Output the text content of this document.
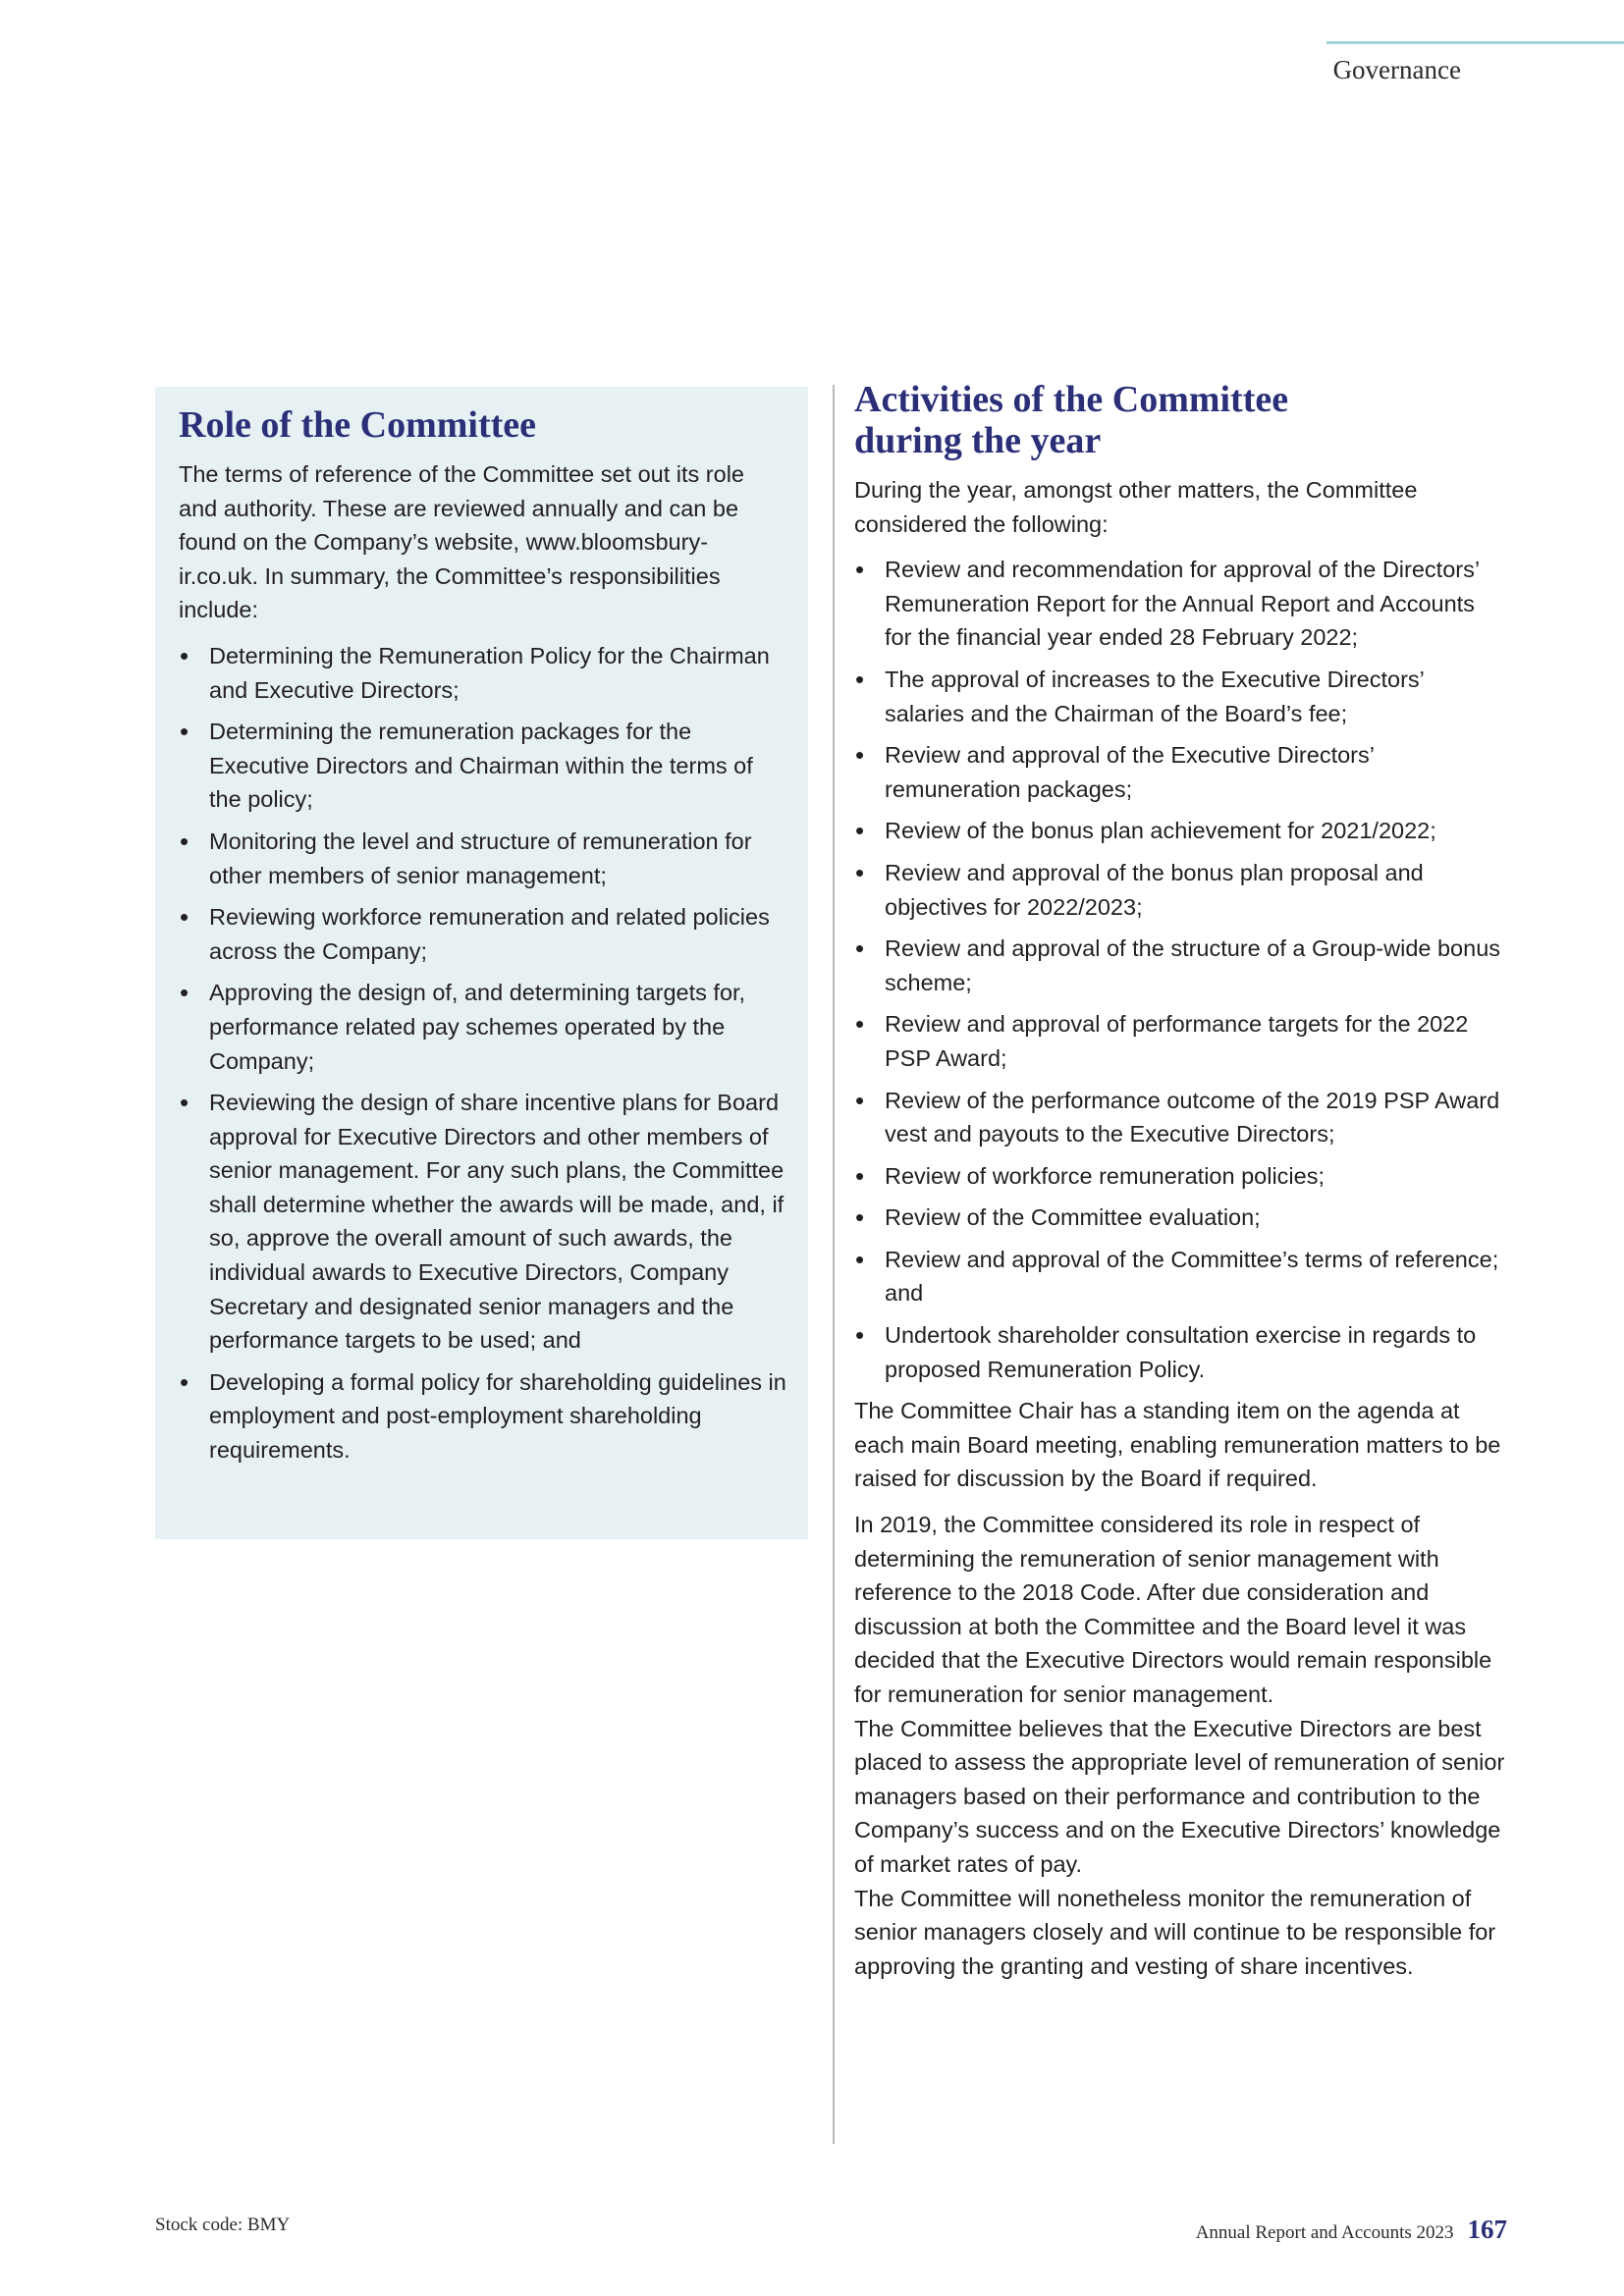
Governance
Role of the Committee

The terms of reference of the Committee set out its role and authority. These are reviewed annually and can be found on the Company’s website, www.bloomsbury-ir.co.uk. In summary, the Committee’s responsibilities include:

• Determining the Remuneration Policy for the Chairman and Executive Directors;
• Determining the remuneration packages for the Executive Directors and Chairman within the terms of the policy;
• Monitoring the level and structure of remuneration for other members of senior management;
• Reviewing workforce remuneration and related policies across the Company;
• Approving the design of, and determining targets for, performance related pay schemes operated by the Company;
• Reviewing the design of share incentive plans for Board approval for Executive Directors and other members of senior management. For any such plans, the Committee shall determine whether the awards will be made, and, if so, approve the overall amount of such awards, the individual awards to Executive Directors, Company Secretary and designated senior managers and the performance targets to be used; and
• Developing a formal policy for shareholding guidelines in employment and post-employment shareholding requirements.
Activities of the Committee
during the year

During the year, amongst other matters, the Committee considered the following:

• Review and recommendation for approval of the Directors’ Remuneration Report for the Annual Report and Accounts for the financial year ended 28 February 2022;
• The approval of increases to the Executive Directors’ salaries and the Chairman of the Board’s fee;
• Review and approval of the Executive Directors’ remuneration packages;
• Review of the bonus plan achievement for 2021/2022;
• Review and approval of the bonus plan proposal and objectives for 2022/2023;
• Review and approval of the structure of a Group-wide bonus scheme;
• Review and approval of performance targets for the 2022 PSP Award;
• Review of the performance outcome of the 2019 PSP Award vest and payouts to the Executive Directors;
• Review of workforce remuneration policies;
• Review of the Committee evaluation;
• Review and approval of the Committee’s terms of reference; and
• Undertook shareholder consultation exercise in regards to proposed Remuneration Policy.

The Committee Chair has a standing item on the agenda at each main Board meeting, enabling remuneration matters to be raised for discussion by the Board if required.

In 2019, the Committee considered its role in respect of determining the remuneration of senior management with reference to the 2018 Code. After due consideration and discussion at both the Committee and the Board level it was decided that the Executive Directors would remain responsible for remuneration for senior management.
The Committee believes that the Executive Directors are best placed to assess the appropriate level of remuneration of senior managers based on their performance and contribution to the Company’s success and on the Executive Directors’ knowledge of market rates of pay.
The Committee will nonetheless monitor the remuneration of senior managers closely and will continue to be responsible for approving the granting and vesting of share incentives.

Stock code: BMY	Annual Report and Accounts 2023 167
